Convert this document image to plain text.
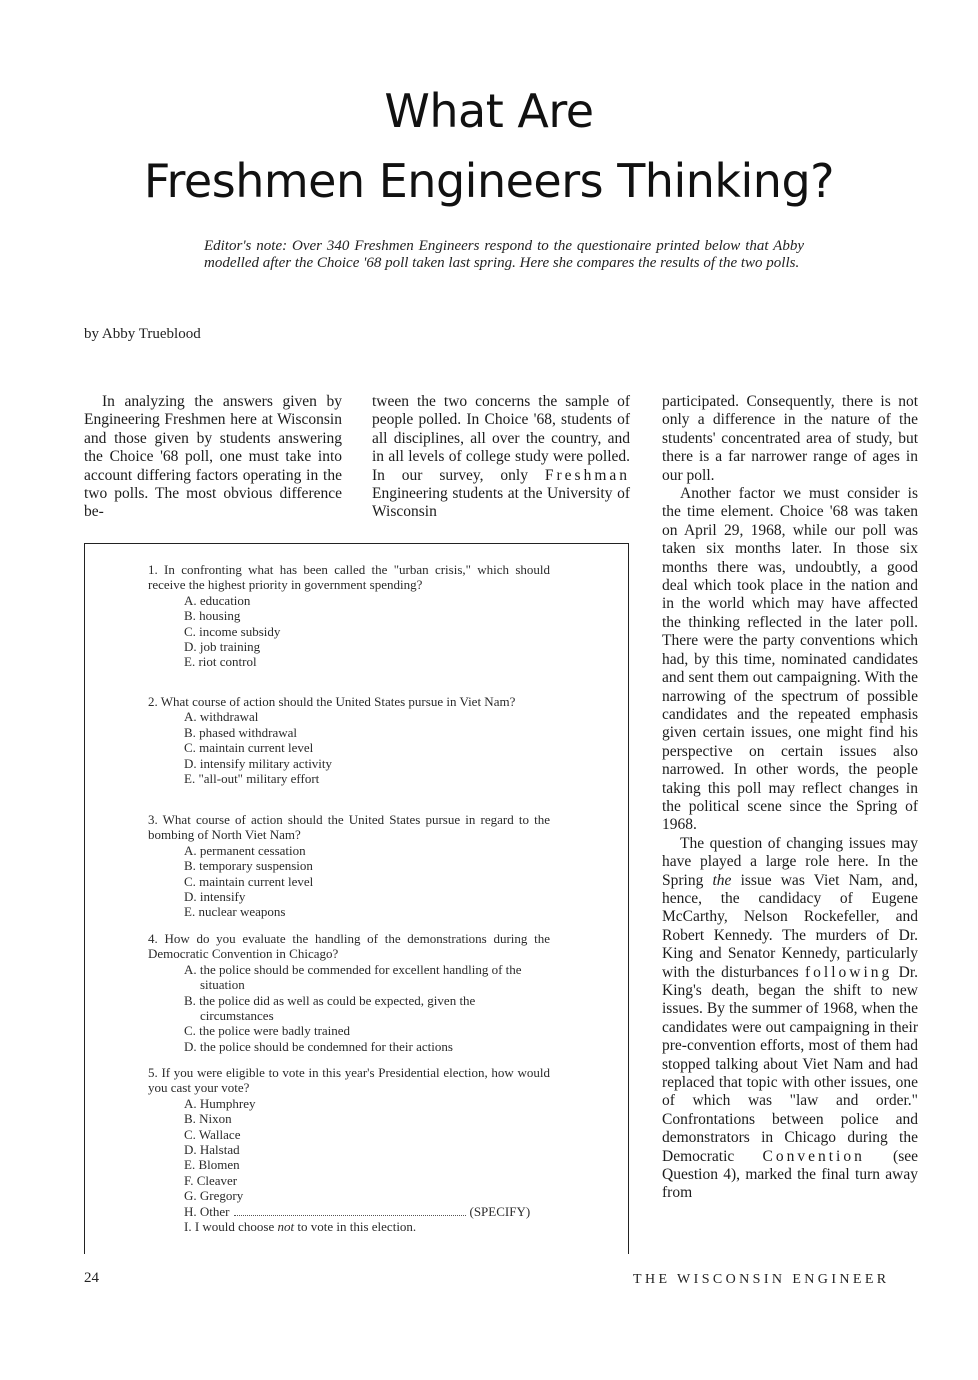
What Are
Freshmen Engineers Thinking?
Editor's note: Over 340 Freshmen Engineers respond to the questionaire printed below that Abby modelled after the Choice '68 poll taken last spring. Here she compares the results of the two polls.
by Abby Trueblood

In analyzing the answers given by Engineering Freshmen here at Wisconsin and those given by students answering the Choice '68 poll, one must take into account differing factors operating in the two polls. The most obvious difference be-

tween the two concerns the sample of people polled. In Choice '68, students of all disciplines, all over the country, and in all levels of college study were polled. In our survey, only Freshman Engineering students at the University of Wisconsin

participated. Consequently, there is not only a difference in the nature of the students' concentrated area of study, but there is a far narrower range of ages in our poll.

Another factor we must consider is the time element. Choice '68 was taken on April 29, 1968, while our poll was taken six months later. In those six months there was, undoubtly, a good deal which took place in the nation and in the world which may have affected the thinking reflected in the later poll. There were the party conventions which had, by this time, nominated candidates and sent them out campaigning. With the narrowing of the spectrum of possible candidates and the repeated emphasis given certain issues, one might find his perspective on certain issues also narrowed. In other words, the people taking this poll may reflect changes in the political scene since the Spring of 1968.

The question of changing issues may have played a large role here. In the Spring the issue was Viet Nam, and, hence, the candidacy of Eugene McCarthy, Nelson Rockefeller, and Robert Kennedy. The murders of Dr. King and Senator Kennedy, particularly with the disturbances following Dr. King's death, began the shift to new issues. By the summer of 1968, when the candidates were out campaigning in their pre-convention efforts, most of them had stopped talking about Viet Nam and had replaced that topic with other issues, one of which was "law and order." Confrontations between police and demonstrators in Chicago during the Democratic Convention (see Question 4), marked the final turn away from

1. In confronting what has been called the "urban crisis," which should receive the highest priority in government spending?

A. education

B. housing

C. income subsidy

D. job training

E. riot control

2. What course of action should the United States pursue in Viet Nam?

A. withdrawal

B. phased withdrawal

C. maintain current level

D. intensify military activity

E. "all-out" military effort

3. What course of action should the United States pursue in regard to the bombing of North Viet Nam?

A. permanent cessation

B. temporary suspension

C. maintain current level

D. intensify

E. nuclear weapons

4. How do you evaluate the handling of the demonstrations during the Democratic Convention in Chicago?

A. the police should be commended for excellent handling of the situation

B. the police did as well as could be expected, given the circumstances

C. the police were badly trained

D. the police should be condemned for their actions

5. If you were eligible to vote in this year's Presidential election, how would you cast your vote?

A. Humphrey

B. Nixon

C. Wallace

D. Halstad

E. Blomen

F. Cleaver

G. Gregory

H. Other	(SPECIFY)

I. I would choose not to vote in this election.

24	THE WISCONSIN ENGINEER
